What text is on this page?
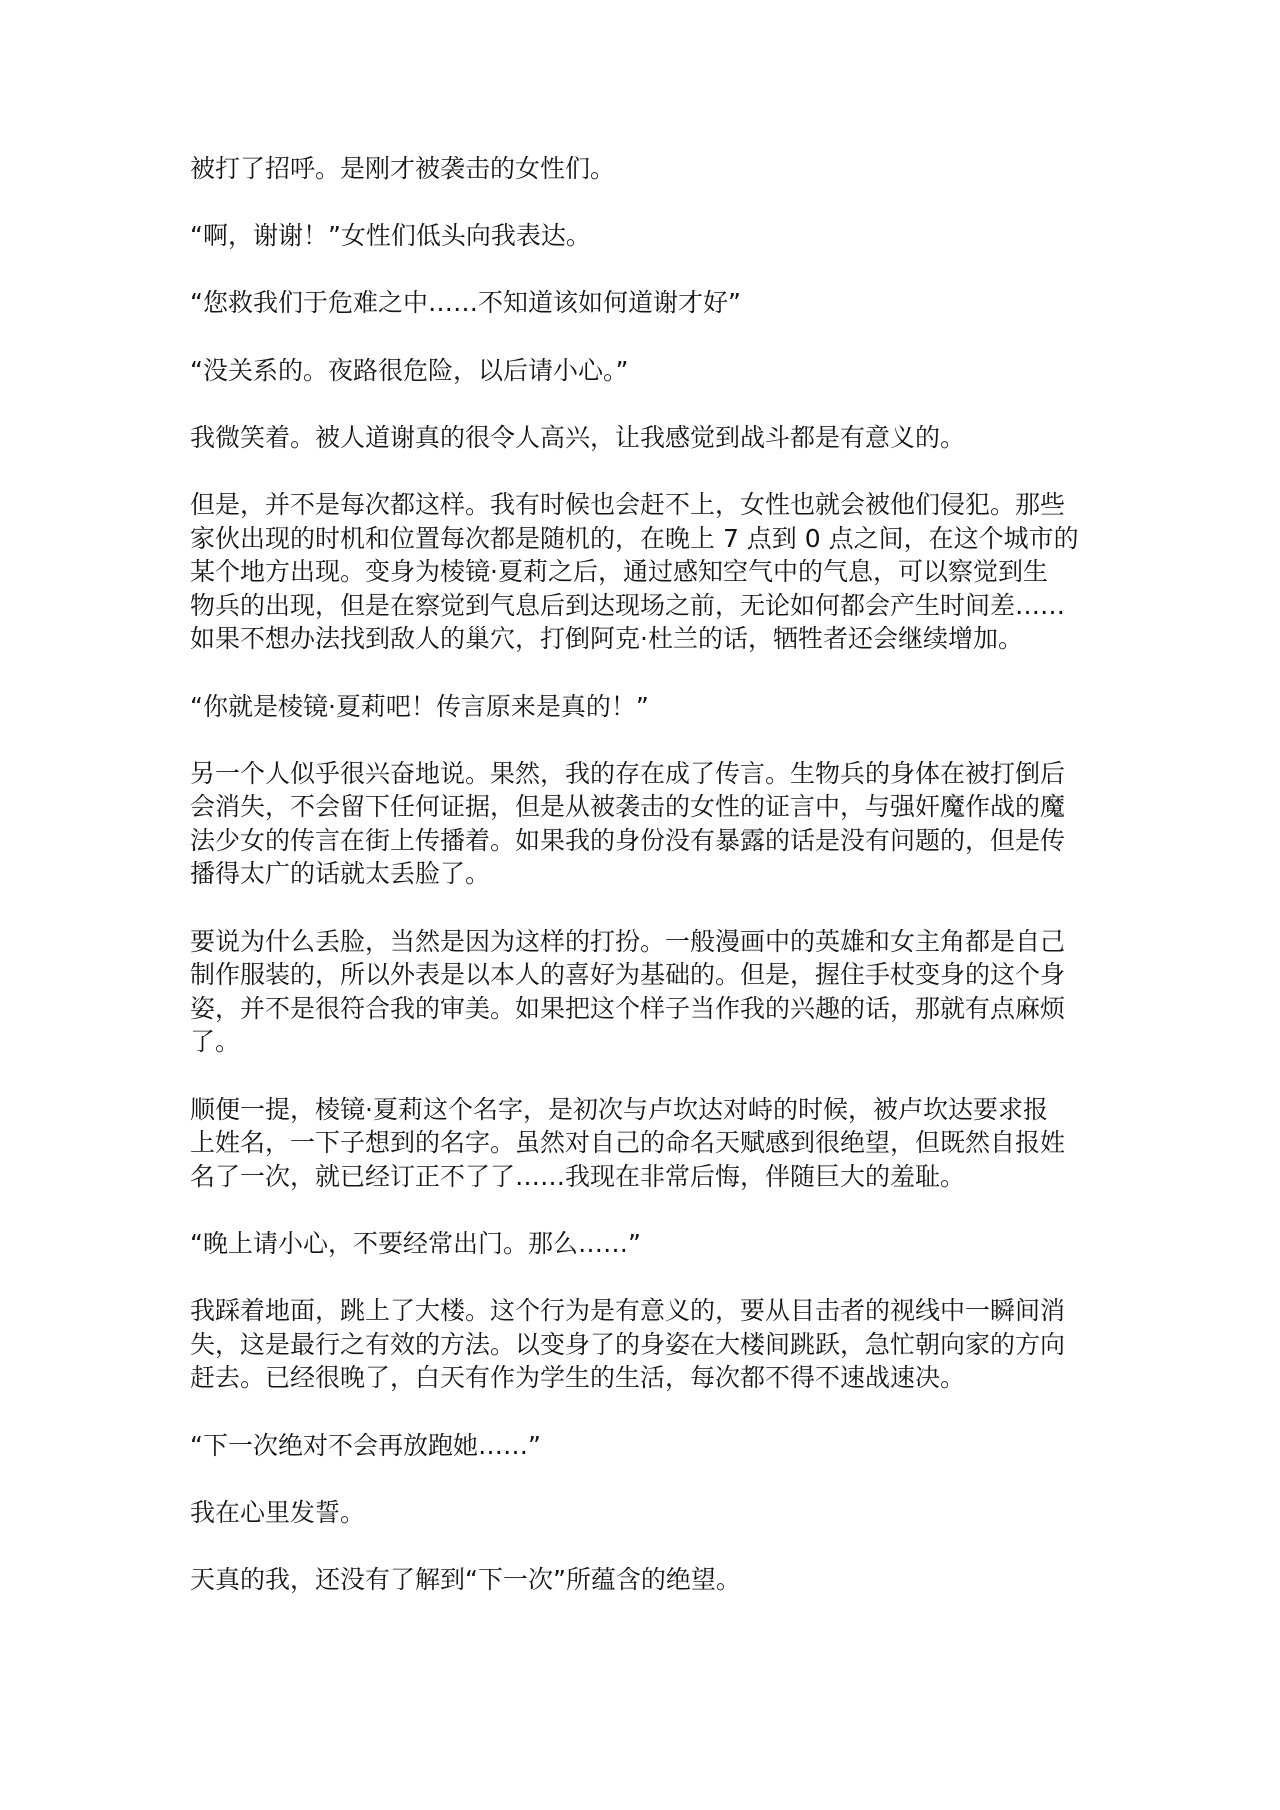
被打了招呼。是刚才被袭击的女性们。
“啊，谢谢！”女性们低头向我表达。
“您救我们于危难之中……不知道该如何道谢才好”
“没关系的。夜路很危险，以后请小心。”
我微笑着。被人道谢真的很令人高兴，让我感觉到战斗都是有意义的。
但是，并不是每次都这样。我有时候也会赶不上，女性也就会被他们侵犯。那些
家伙出现的时机和位置每次都是随机的，在晚上 7 点到 0 点之间，在这个城市的
某个地方出现。变身为棱镜·夏莉之后，通过感知空气中的气息，可以察觉到生
物兵的出现，但是在察觉到气息后到达现场之前，无论如何都会产生时间差……
如果不想办法找到敌人的巢穴，打倒阿克·杜兰的话，牺牲者还会继续增加。
“你就是棱镜·夏莉吧！传言原来是真的！”
另一个人似乎很兴奋地说。果然，我的存在成了传言。生物兵的身体在被打倒后
会消失，不会留下任何证据，但是从被袭击的女性的证言中，与强奸魔作战的魔
法少女的传言在街上传播着。如果我的身份没有暴露的话是没有问题的，但是传
播得太广的话就太丢脸了。
要说为什么丢脸，当然是因为这样的打扮。一般漫画中的英雄和女主角都是自己
制作服装的，所以外表是以本人的喜好为基础的。但是，握住手杖变身的这个身
姿，并不是很符合我的审美。如果把这个样子当作我的兴趣的话，那就有点麻烦
了。
顺便一提，棱镜·夏莉这个名字，是初次与卢坎达对峙的时候，被卢坎达要求报
上姓名，一下子想到的名字。虽然对自己的命名天赋感到很绝望，但既然自报姓
名了一次，就已经订正不了了……我现在非常后悔，伴随巨大的羞耻。
“晚上请小心，不要经常出门。那么……”
我踩着地面，跳上了大楼。这个行为是有意义的，要从目击者的视线中一瞬间消
失，这是最行之有效的方法。以变身了的身姿在大楼间跳跃，急忙朝向家的方向
赶去。已经很晚了，白天有作为学生的生活，每次都不得不速战速决。
“下一次绝对不会再放跑她……”
我在心里发誓。
天真的我，还没有了解到“下一次”所蕴含的绝望。
